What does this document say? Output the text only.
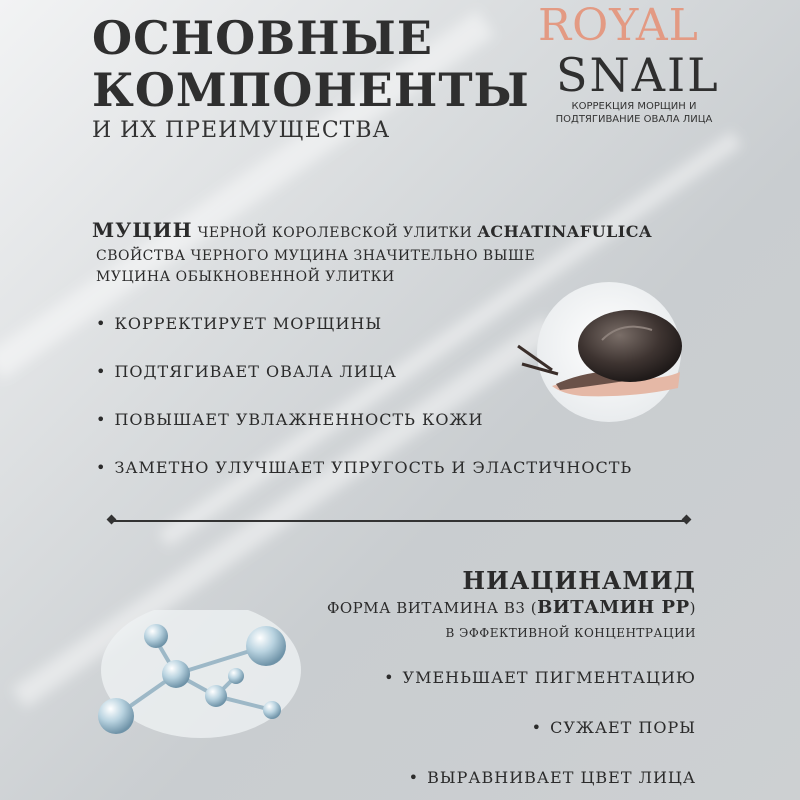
ОСНОВНЫЕ
КОМПОНЕНТЫ
И ИХ ПРЕИМУЩЕСТВА
ROYAL
SNAIL
КОРРЕКЦИЯ МОРЩИН И ПОДТЯГИВАНИЕ ОВАЛА ЛИЦА
МУЦИН ЧЕРНОЙ КОРОЛЕВСКОЙ УЛИТКИ ACHATINAFULICA
СВОЙСТВА ЧЕРНОГО МУЦИНА ЗНАЧИТЕЛЬНО ВЫШЕ МУЦИНА ОБЫКНОВЕННОЙ УЛИТКИ
• КОРРЕКТИРУЕТ МОРЩИНЫ
• ПОДТЯГИВАЕТ ОВАЛА ЛИЦА
• ПОВЫШАЕТ УВЛАЖНЕННОСТЬ КОЖИ
• ЗАМЕТНО УЛУЧШАЕТ УПРУГОСТЬ И ЭЛАСТИЧНОСТЬ
НИАЦИНАМИД
ФОРМА ВИТАМИНА В3 (ВИТАМИН РР)
В ЭФФЕКТИВНОЙ КОНЦЕНТРАЦИИ
• УМЕНЬШАЕТ ПИГМЕНТАЦИЮ
• СУЖАЕТ ПОРЫ
• ВЫРАВНИВАЕТ ЦВЕТ ЛИЦА
